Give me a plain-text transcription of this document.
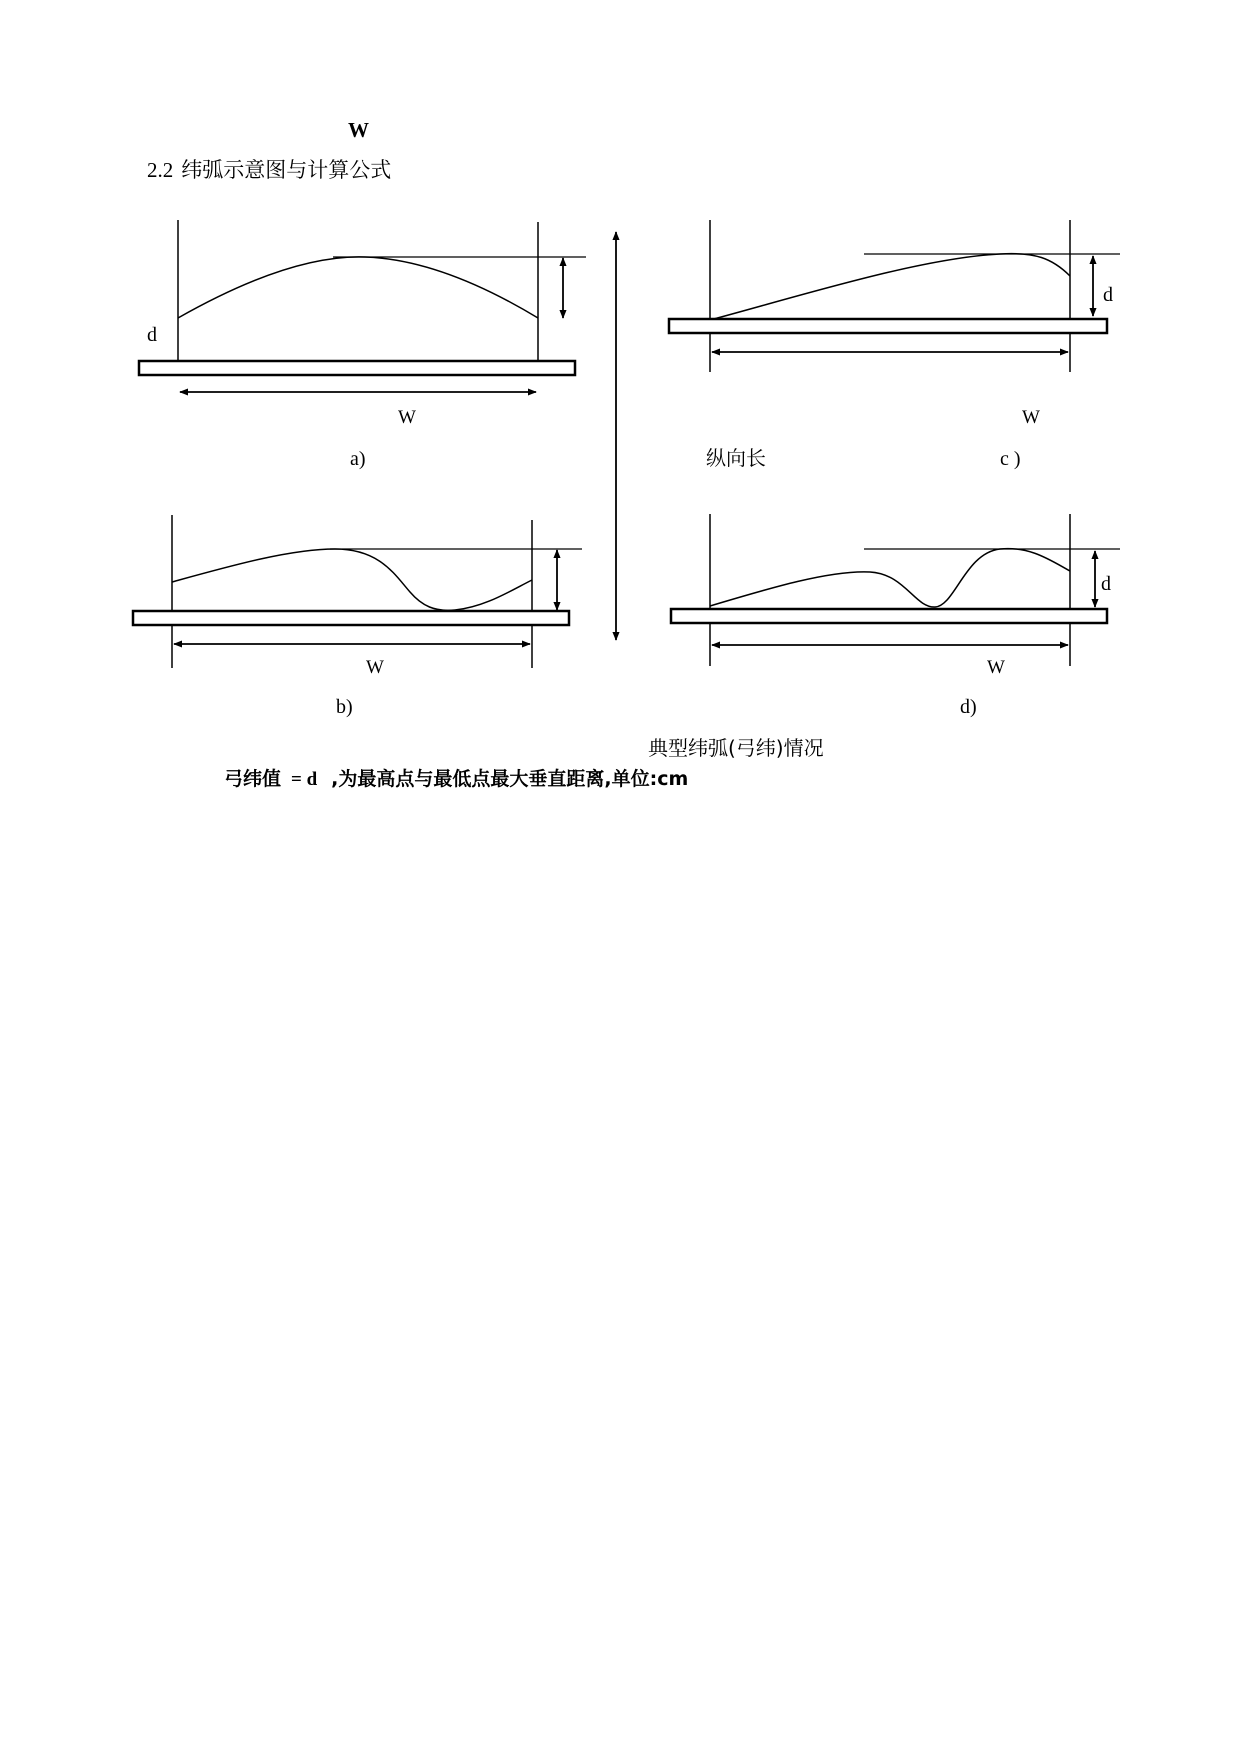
W
2.2 纬弧示意图与计算公式
d
W
a)
W
b)
纵向长
d
W
c )
d
W
d)
典型纬弧(弓纬)情况
弓纬值 = d ,为最高点与最低点最大垂直距离,单位:cm
